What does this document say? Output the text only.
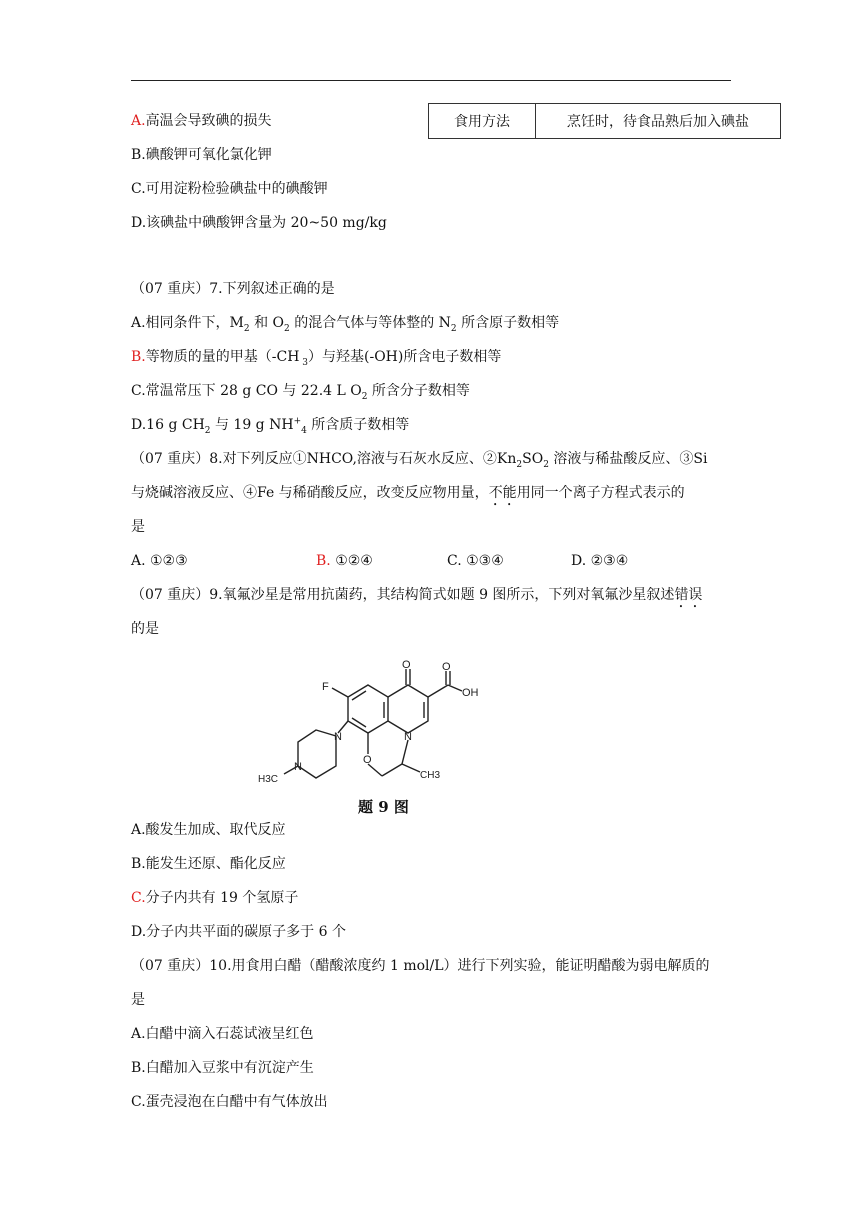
食用方法	烹饪时，待食品熟后加入碘盐
A.高温会导致碘的损失
B.碘酸钾可氧化氯化钾
C.可用淀粉检验碘盐中的碘酸钾
D.该碘盐中碘酸钾含量为 20~50 mg/kg
（07 重庆）7.下列叙述正确的是
A.相同条件下，$M_2$ 和 $O_2$ 的混合气体与等体整的 $N_2$ 所含原子数相等
B.等物质的量的甲基（-CH $_3$）与羟基(-OH)所含电子数相等
C.常温常压下 28 g CO 与 22.4 L $O_2$ 所含分子数相等
D.16 g $CH_2$ 与 19 g $NH^+_4$ 所含质子数相等
（07 重庆）8.对下列反应①NHCO,溶液与石灰水反应、$②Kn_2SO_2$ 溶液与稀盐酸反应、③Si
与烧碱溶液反应、④Fe 与稀硝酸反应，改变反应物用量，不能用同一个离子方程式表示的
是
A. ①②③	B. ①②④	C. ①③④	D. ②③④
（07 重庆）9.氧氟沙星是常用抗菌药，其结构简式如题 9 图所示，下列对氧氟沙星叙述错误
的是
O	O
OH
F
N
N
N
H3C
O
CH3
题 9 图
A.酸发生加成、取代反应
B.能发生还原、酯化反应
C.分子内共有 19 个氢原子
D.分子内共平面的碳原子多于 6 个
（07 重庆）10.用食用白醋（醋酸浓度约 1 mol/L）进行下列实验，能证明醋酸为弱电解质的
是
A.白醋中滴入石蕊试液呈红色
B.白醋加入豆浆中有沉淀产生
C.蛋壳浸泡在白醋中有气体放出
